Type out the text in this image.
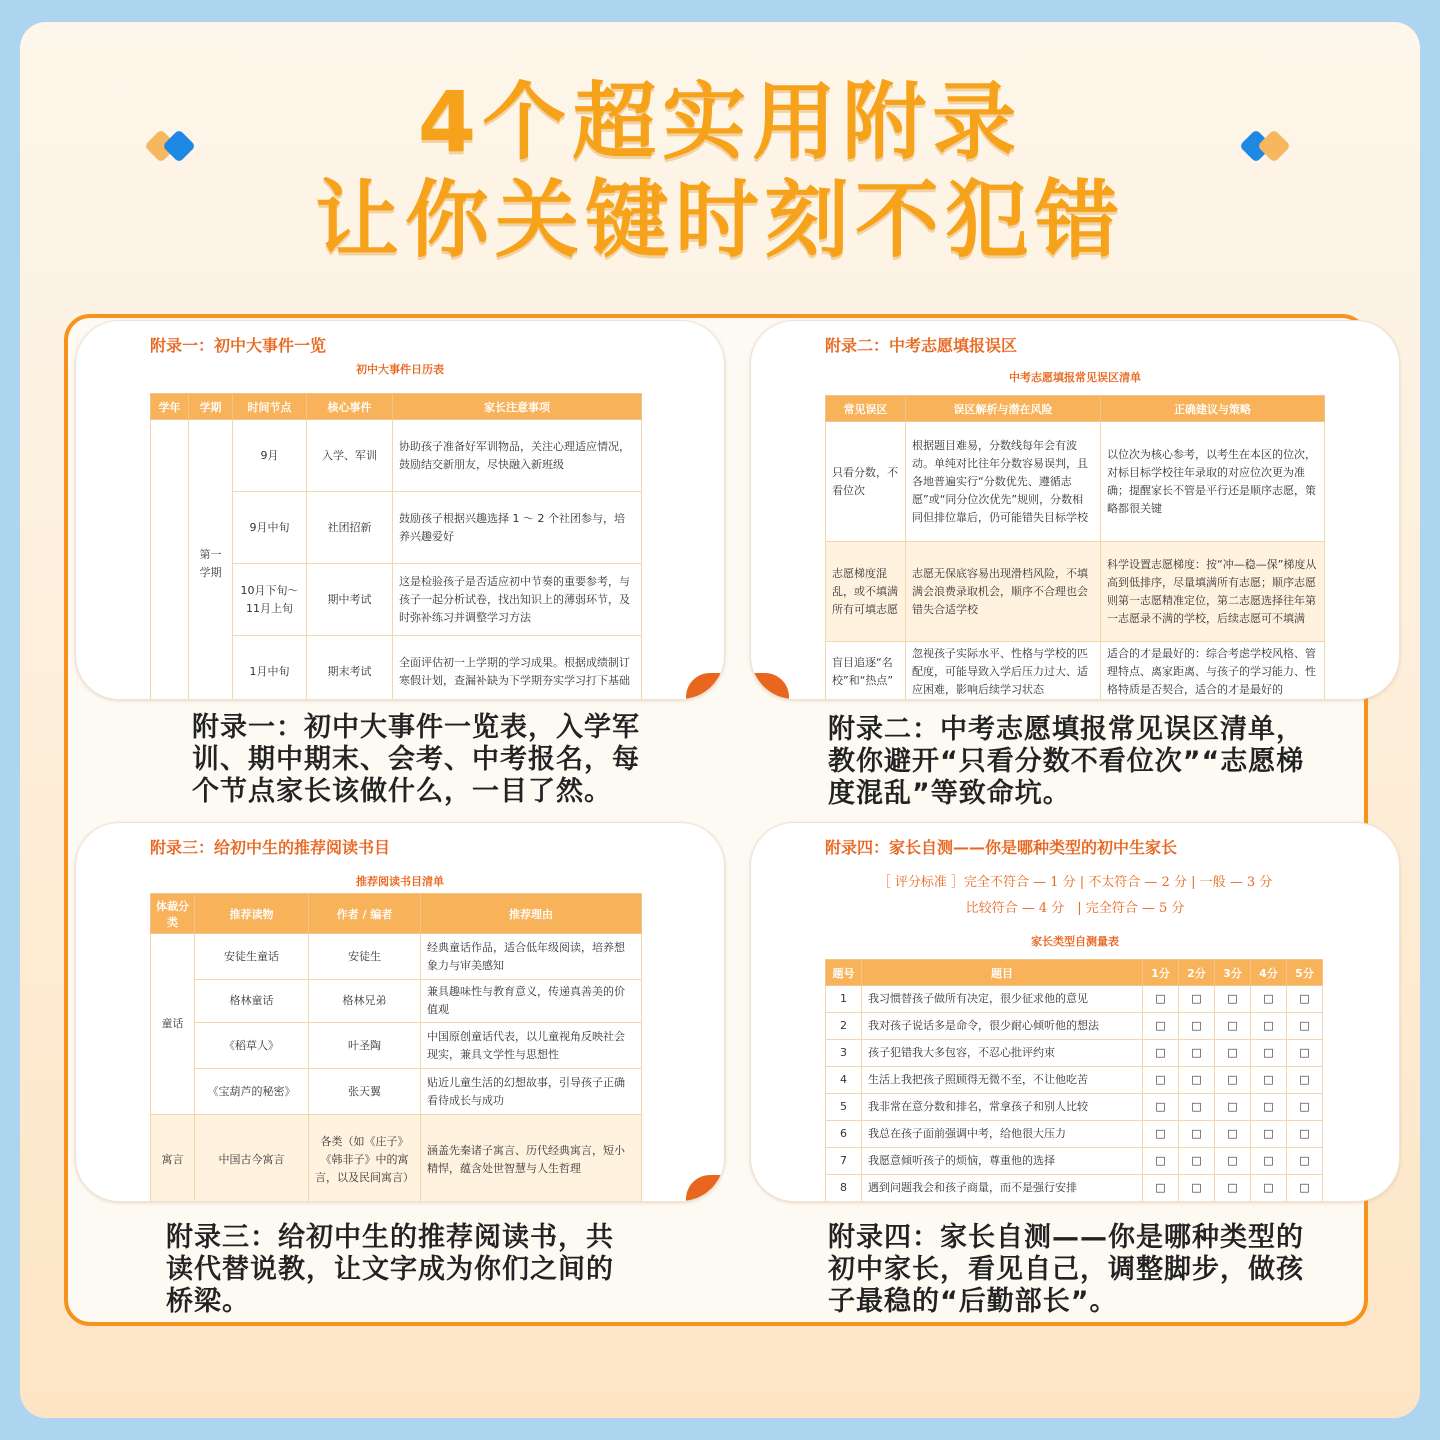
4个超实用附录
让你关键时刻不犯错
附录一：初中大事件一览
初中大事件日历表
学年	学期	时间节点	核心事件	家长注意事项
	第一学期	9月	入学、军训	协助孩子准备好军训物品，关注心理适应情况，鼓励结交新朋友，尽快融入新班级
		9月中旬	社团招新	鼓励孩子根据兴趣选择 1 ～ 2 个社团参与，培养兴趣爱好
		10月下旬～11月上旬	期中考试	这是检验孩子是否适应初中节奏的重要参考，与孩子一起分析试卷，找出知识上的薄弱环节，及时弥补练习并调整学习方法
		1月中旬	期末考试	全面评估初一上学期的学习成果。根据成绩制订寒假计划，查漏补缺为下学期夯实学习打下基础
附录二：中考志愿填报误区
中考志愿填报常见误区清单
常见误区	误区解析与潜在风险	正确建议与策略
只看分数，不看位次	根据题目难易，分数线每年会有波动。单纯对比往年分数容易误判，且各地普遍实行“分数优先、遵循志愿”或“同分位次优先”规则，分数相同但排位靠后，仍可能错失目标学校	以位次为核心参考，以考生在本区的位次，对标目标学校往年录取的对应位次更为准确；提醒家长不管是平行还是顺序志愿，策略都很关键
志愿梯度混乱，或不填满所有可填志愿	志愿无保底容易出现滑档风险，不填满会浪费录取机会，顺序不合理也会错失合适学校	科学设置志愿梯度：按“冲—稳—保”梯度从高到低排序，尽量填满所有志愿；顺序志愿则第一志愿精准定位，第二志愿选择往年第一志愿录不满的学校，后续志愿可不填满
盲目追逐“名校”和“热点”	忽视孩子实际水平、性格与学校的匹配度，可能导致入学后压力过大、适应困难，影响后续学习状态	适合的才是最好的：综合考虑学校风格、管理特点、离家距离、与孩子的学习能力、性格特质是否契合，适合的才是最好的
附录三：给初中生的推荐阅读书目
推荐阅读书目清单
体裁分类	推荐读物	作者 / 编者	推荐理由
童话	安徒生童话	安徒生	经典童话作品，适合低年级阅读，培养想象力与审美感知
	格林童话	格林兄弟	兼具趣味性与教育意义，传递真善美的价值观
	《稻草人》	叶圣陶	中国原创童话代表，以儿童视角反映社会现实，兼具文学性与思想性
	《宝葫芦的秘密》	张天翼	贴近儿童生活的幻想故事，引导孩子正确看待成长与成功
寓言	中国古今寓言	各类（如《庄子》《韩非子》中的寓言，以及民间寓言）	涵盖先秦诸子寓言、历代经典寓言，短小精悍，蕴含处世智慧与人生哲理
附录四：家长自测——你是哪种类型的初中生家长
［ 评分标准 ］完全不符合 — 1 分 | 不太符合 — 2 分 | 一般 — 3 分
比较符合 — 4 分　| 完全符合 — 5 分
家长类型自测量表
题号	题目	1分	2分	3分	4分	5分
1	我习惯替孩子做所有决定，很少征求他的意见	□	□	□	□	□
2	我对孩子说话多是命令，很少耐心倾听他的想法	□	□	□	□	□
3	孩子犯错我大多包容，不忍心批评约束	□	□	□	□	□
4	生活上我把孩子照顾得无微不至，不让他吃苦	□	□	□	□	□
5	我非常在意分数和排名，常拿孩子和别人比较	□	□	□	□	□
6	我总在孩子面前强调中考，给他很大压力	□	□	□	□	□
7	我愿意倾听孩子的烦恼，尊重他的选择	□	□	□	□	□
8	遇到问题我会和孩子商量，而不是强行安排	□	□	□	□	□
附录一：初中大事件一览表，入学军训、期中期末、会考、中考报名，每个节点家长该做什么，一目了然。
附录二：中考志愿填报常见误区清单，教你避开“只看分数不看位次”“志愿梯度混乱”等致命坑。
附录三：给初中生的推荐阅读书，共读代替说教，让文字成为你们之间的桥梁。
附录四：家长自测——你是哪种类型的初中家长，看见自己，调整脚步，做孩子最稳的“后勤部长”。
